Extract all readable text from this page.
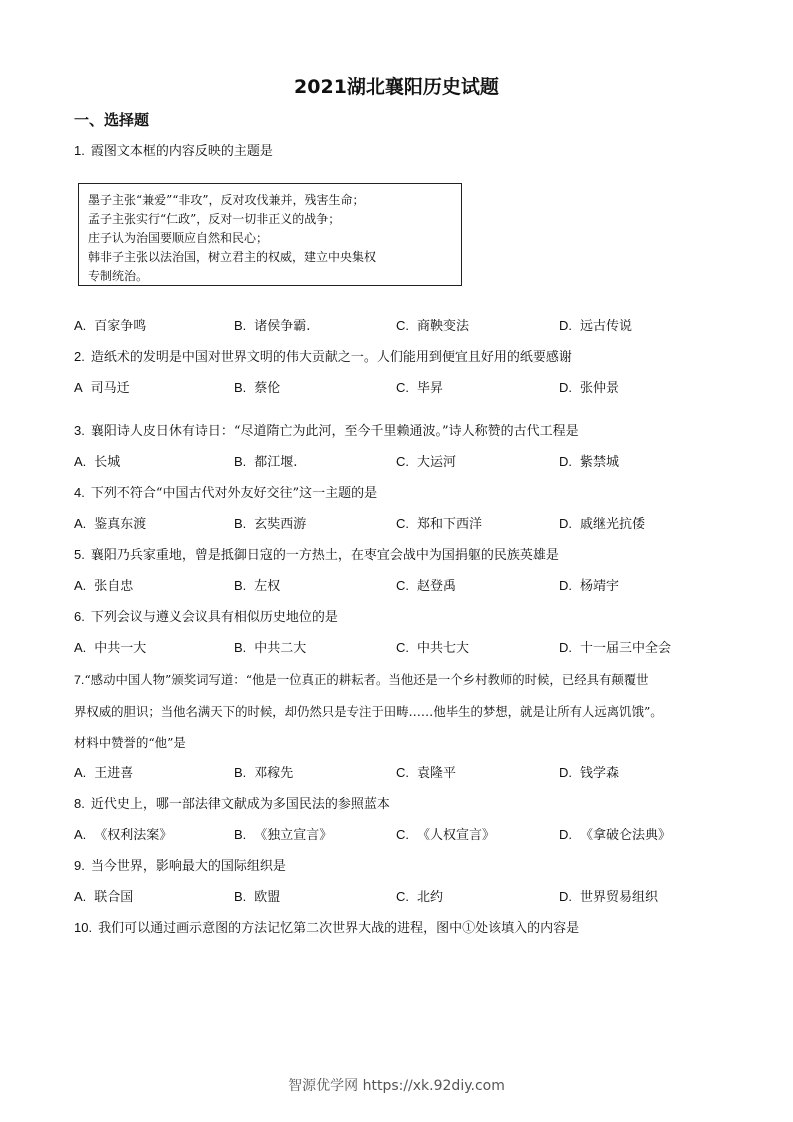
2021湖北襄阳历史试题
一、选择题
1. 霞图文本框的内容反映的主题是
墨子主张“兼爱”“非攻”，反对攻伐兼并，残害生命；
孟子主张实行“仁政”，反对一切非正义的战争；
庄子认为治国要顺应自然和民心；
韩非子主张以法治国，树立君主的权威，建立中央集权
专制统治。
A. 百家争鸣	B. 诸侯争霸.	C. 商鞅变法	D. 远古传说
2. 造纸术的发明是中国对世界文明的伟大贡献之一。人们能用到便宜且好用的纸要感谢
A 司马迁	B. 蔡伦	C. 毕昇	D. 张仲景
3. 襄阳诗人皮日休有诗日：“尽道隋亡为此河，至今千里赖通波。”诗人称赞的古代工程是
A. 长城	B. 都江堰.	C. 大运河	D. 紫禁城
4. 下列不符合“中国古代对外友好交往”这一主题的是
A. 鉴真东渡	B. 玄奘西游	C. 郑和下西洋	D. 戚继光抗倭
5. 襄阳乃兵家重地，曾是抵御日寇的一方热土，在枣宜会战中为国捐躯的民族英雄是
A. 张自忠	B. 左权	C. 赵登禹	D. 杨靖宇
6. 下列会议与遵义会议具有相似历史地位的是
A. 中共一大	B. 中共二大	C. 中共七大	D. 十一届三中全会
7.“感动中国人物”颁奖词写道：“他是一位真正的耕耘者。当他还是一个乡村教师的时候，已经具有颠覆世
界权威的胆识；当他名满天下的时候，却仍然只是专注于田畴……他毕生的梦想，就是让所有人远离饥饿”。
材料中赞誉的“他”是
A. 王进喜	B. 邓稼先	C. 袁隆平	D. 钱学森
8. 近代史上，哪一部法律文献成为多国民法的参照蓝本
A. 《权利法案》	B. 《独立宣言》	C. 《人权宣言》	D. 《拿破仑法典》
9. 当今世界，影响最大的国际组织是
A. 联合国	B. 欧盟	C. 北约	D. 世界贸易组织
10. 我们可以通过画示意图的方法记忆第二次世界大战的进程，图中①处该填入的内容是
智源优学网 https://xk.92diy.com
